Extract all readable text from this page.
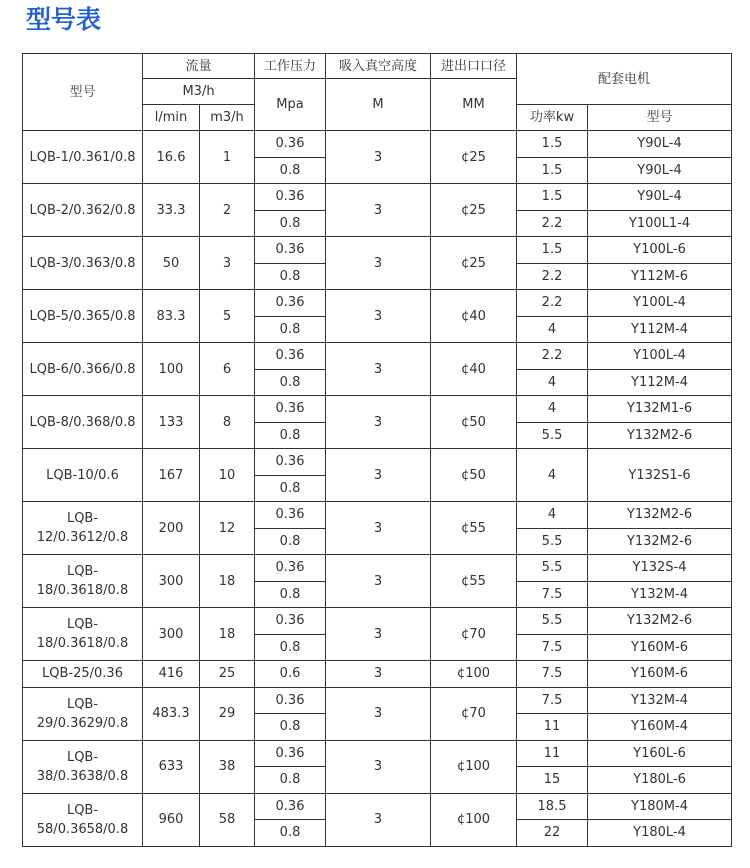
型号表
型号	流量		工作压力	吸入真空高度	进出口口径	配套电机	
	M3/h		Mpa	M	MM		
	l/min	m3/h				功率kw	型号
LQB-1/0.361/0.8	16.6	1	0.36	3	¢25	1.5	Y90L-4
			0.8			1.5	Y90L-4
LQB-2/0.362/0.8	33.3	2	0.36	3	¢25	1.5	Y90L-4
			0.8			2.2	Y100L1-4
LQB-3/0.363/0.8	50	3	0.36	3	¢25	1.5	Y100L-6
			0.8			2.2	Y112M-6
LQB-5/0.365/0.8	83.3	5	0.36	3	¢40	2.2	Y100L-4
			0.8			4	Y112M-4
LQB-6/0.366/0.8	100	6	0.36	3	¢40	2.2	Y100L-4
			0.8			4	Y112M-4
LQB-8/0.368/0.8	133	8	0.36	3	¢50	4	Y132M1-6
			0.8			5.5	Y132M2-6
LQB-10/0.6	167	10	0.36	3	¢50	4	Y132S1-6
			0.8				
LQB-12/0.3612/0.8	200	12	0.36	3	¢55	4	Y132M2-6
			0.8			5.5	Y132M2-6
LQB-18/0.3618/0.8	300	18	0.36	3	¢55	5.5	Y132S-4
			0.8			7.5	Y132M-4
LQB-18/0.3618/0.8	300	18	0.36	3	¢70	5.5	Y132M2-6
			0.8			7.5	Y160M-6
LQB-25/0.36	416	25	0.6	3	¢100	7.5	Y160M-6
LQB-29/0.3629/0.8	483.3	29	0.36	3	¢70	7.5	Y132M-4
			0.8			11	Y160M-4
LQB-38/0.3638/0.8	633	38	0.36	3	¢100	11	Y160L-6
			0.8			15	Y180L-6
LQB-58/0.3658/0.8	960	58	0.36	3	¢100	18.5	Y180M-4
			0.8			22	Y180L-4
